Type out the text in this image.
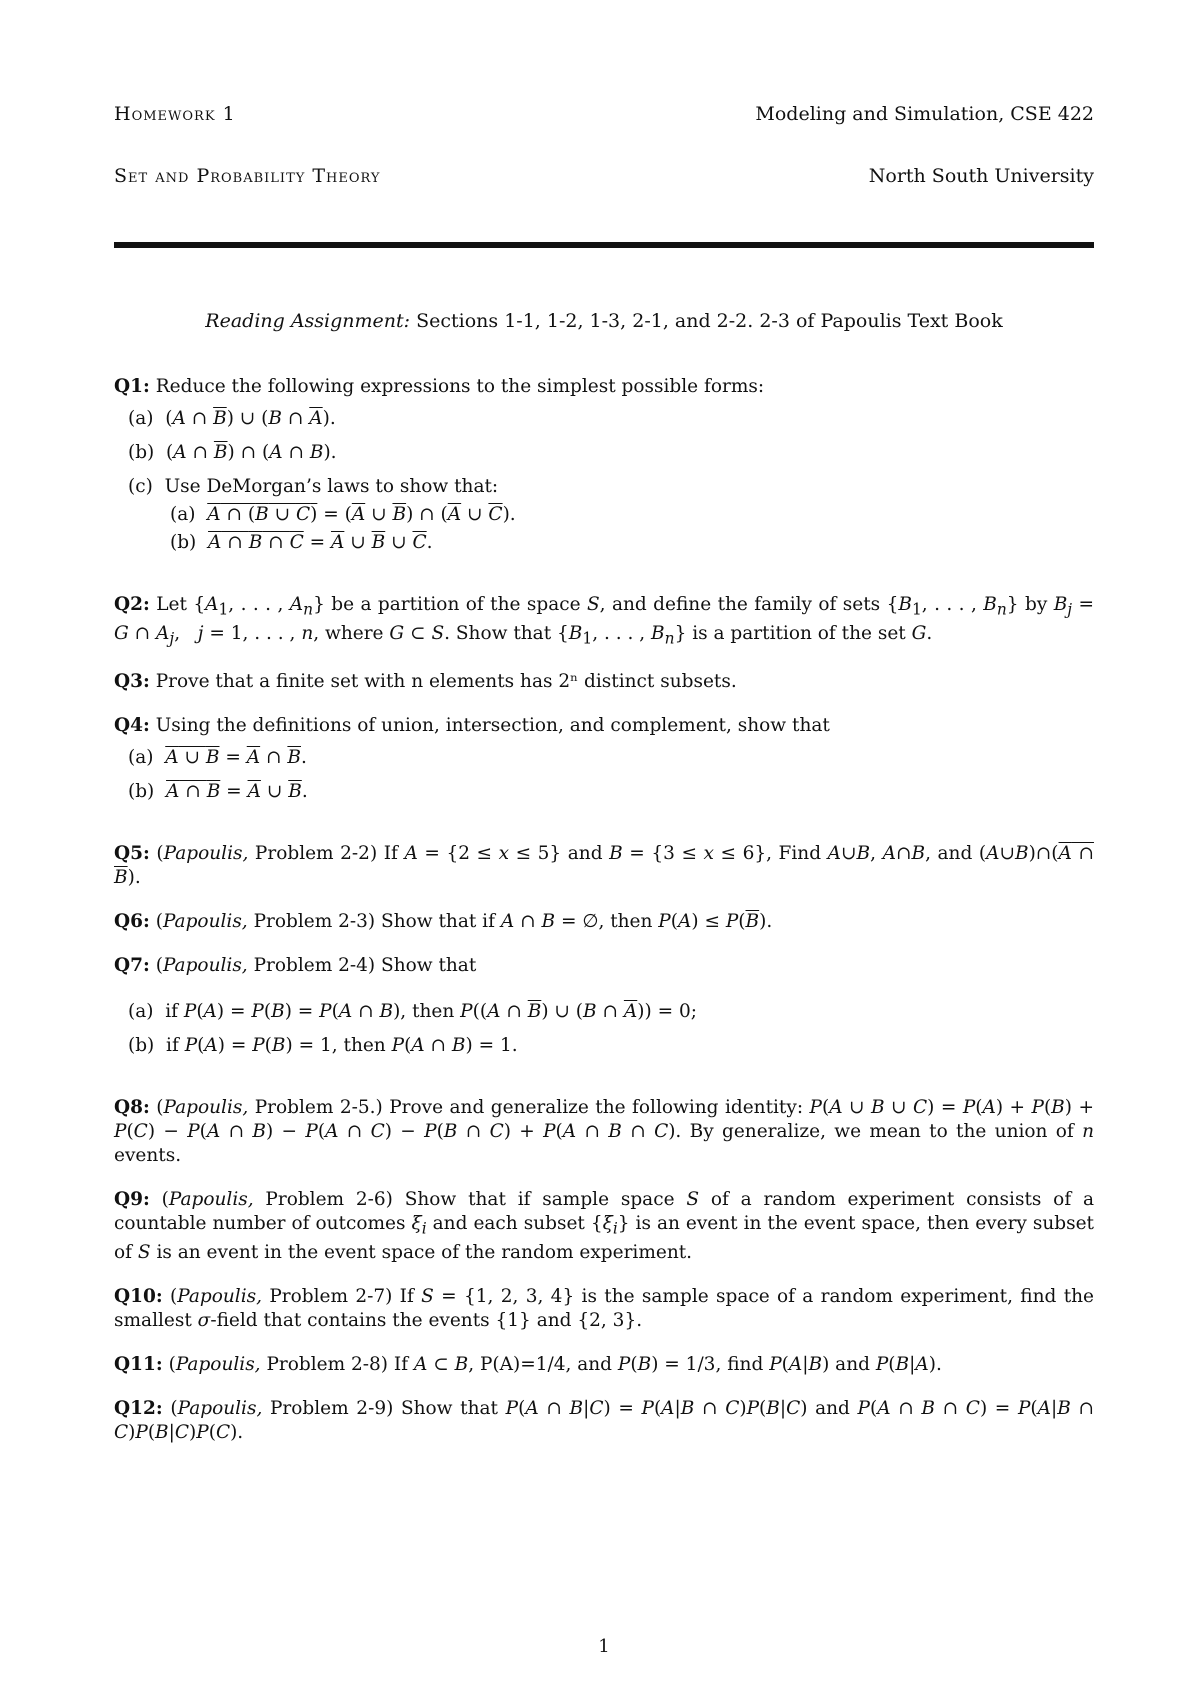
Homework 1	Modeling and Simulation, CSE 422
Set and Probability Theory	North South University
Reading Assignment: Sections 1-1, 1-2, 1-3, 2-1, and 2-2. 2-3 of Papoulis Text Book
Q1: Reduce the following expressions to the simplest possible forms:
(a)  (A ∩ $\overline{B}$) ∪ (B ∩ $\overline{A}$).
(b)  (A ∩ $\overline{B}$) ∩ (A ∩ B).
(c)  Use DeMorgan’s laws to show that:
(a)  A ∩ (B ∪ $C) = (\overline{A}$ ∪ $\overline{B}$) ∩ ($\overline{A}$ ∪ $\overline{C}$).
(b)  A ∩ B ∩ $C = \overline{A}$ ∪ $\overline{B}$ ∪ $\overline{C}$.
Q2: Let {$A_1$, . . . , $A_n$} be a partition of the space S, and define the family of sets {$B_1$, . . . , $B_n$} by $B_j = G$ ∩ $A_j$,   j = 1, . . . , n, where G ⊂ S. Show that {$B_1$, . . . , $B_n$} is a partition of the set G.
Q3: Prove that a finite set with n elements has 2ⁿ distinct subsets.
Q4: Using the definitions of union, intersection, and complement, show that
(a)  A ∪ $B = \overline{A}$ ∩ $\overline{B}$.
(b)  A ∩ $B = \overline{A}$ ∪ $\overline{B}$.
Q5: (Papoulis, Problem 2-2) If A = {2 ≤ x ≤ 5} and B = {3 ≤ x ≤ 6}, Find A∪B, A∩B, and (A∪B)∩(A ∩ B).
Q6: (Papoulis, Problem 2-3) Show that if A ∩ B = ∅, then $P(A) \le P(\overline{B})$.
Q7: (Papoulis, Problem 2-4) Show that
(a)  if P(A) = P(B) = P(A ∩ B), then P((A ∩ $\overline{B}$) ∪ (B ∩ $\overline{A})) = 0$;
(b)  if P(A) = P(B) = 1, then P(A ∩ B) = 1.
Q8: (Papoulis, Problem 2-5.) Prove and generalize the following identity: P(A ∪ B ∪ C) = P(A) + P(B) + P(C) − P(A ∩ B) − P(A ∩ C) − P(B ∩ C) + P(A ∩ B ∩ C). By generalize, we mean to the union of n events.
Q9: (Papoulis, Problem 2-6) Show that if sample space S of a random experiment consists of a countable number of outcomes $\xi_i$ and each subset $\{\xi_i\}$ is an event in the event space, then every subset of S is an event in the event space of the random experiment.
Q10: (Papoulis, Problem 2-7) If S = {1, 2, 3, 4} is the sample space of a random experiment, find the smallest σ-field that contains the events {1} and {2, 3}.
Q11: (Papoulis, Problem 2-8) If A ⊂ B, P(A)=1/4, and P(B) = 1/3, find P(A|B) and P(B|A).
Q12: (Papoulis, Problem 2-9) Show that P(A ∩ B|C) = P(A|B ∩ C)P(B|C) and P(A ∩ B ∩ C) = P(A|B ∩ C)P(B|C)P(C).
1
